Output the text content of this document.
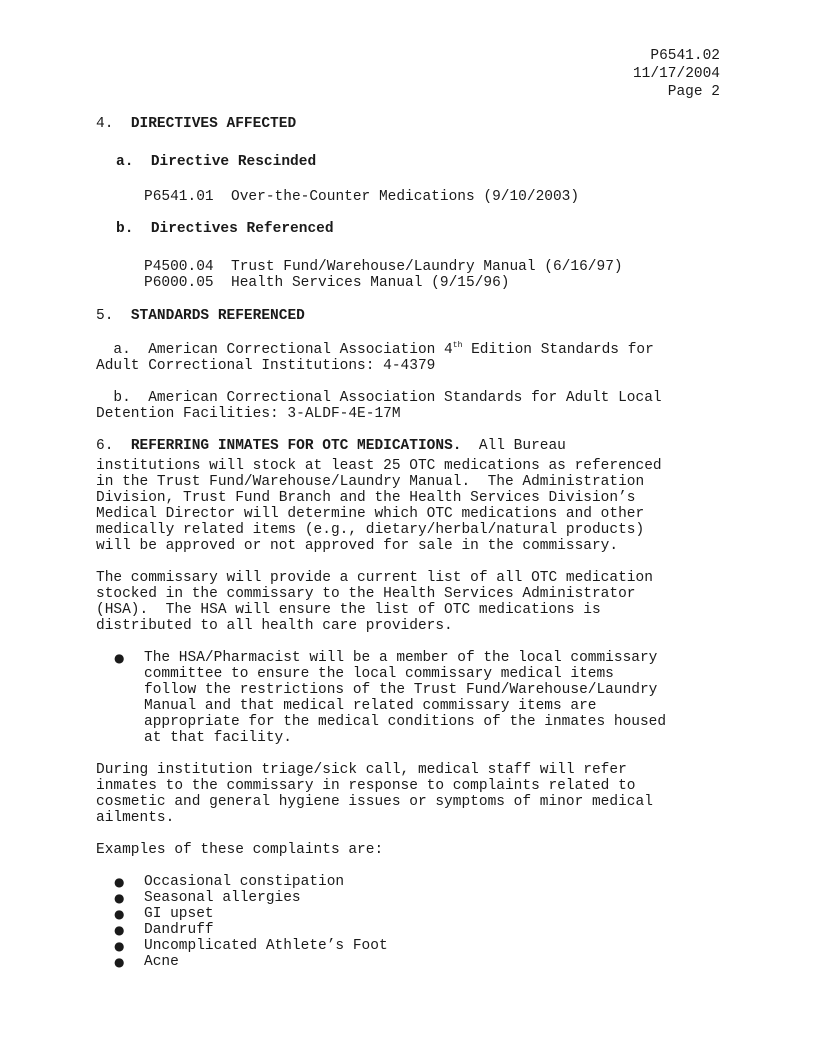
P6541.02
11/17/2004
Page 2
4. DIRECTIVES AFFECTED
a. Directive Rescinded
P6541.01 Over-the-Counter Medications (9/10/2003)
b. Directives Referenced
P4500.04 Trust Fund/Warehouse/Laundry Manual (6/16/97)
P6000.05 Health Services Manual (9/15/96)
5. STANDARDS REFERENCED
a.  American Correctional Association 4th Edition Standards for
Adult Correctional Institutions: 4-4379
b.  American Correctional Association Standards for Adult Local
Detention Facilities: 3-ALDF-4E-17M
6. REFERRING INMATES FOR OTC MEDICATIONS.  All Bureau
institutions will stock at least 25 OTC medications as referenced
in the Trust Fund/Warehouse/Laundry Manual.  The Administration
Division, Trust Fund Branch and the Health Services Division’s
Medical Director will determine which OTC medications and other
medically related items (e.g., dietary/herbal/natural products)
will be approved or not approved for sale in the commissary.
The commissary will provide a current list of all OTC medication
stocked in the commissary to the Health Services Administrator
(HSA).  The HSA will ensure the list of OTC medications is
distributed to all health care providers.
● The HSA/Pharmacist will be a member of the local commissary
committee to ensure the local commissary medical items
follow the restrictions of the Trust Fund/Warehouse/Laundry
Manual and that medical related commissary items are
appropriate for the medical conditions of the inmates housed
at that facility.
During institution triage/sick call, medical staff will refer
inmates to the commissary in response to complaints related to
cosmetic and general hygiene issues or symptoms of minor medical
ailments.
Examples of these complaints are:
● Occasional constipation
● Seasonal allergies
● GI upset
● Dandruff
● Uncomplicated Athlete’s Foot
● Acne
